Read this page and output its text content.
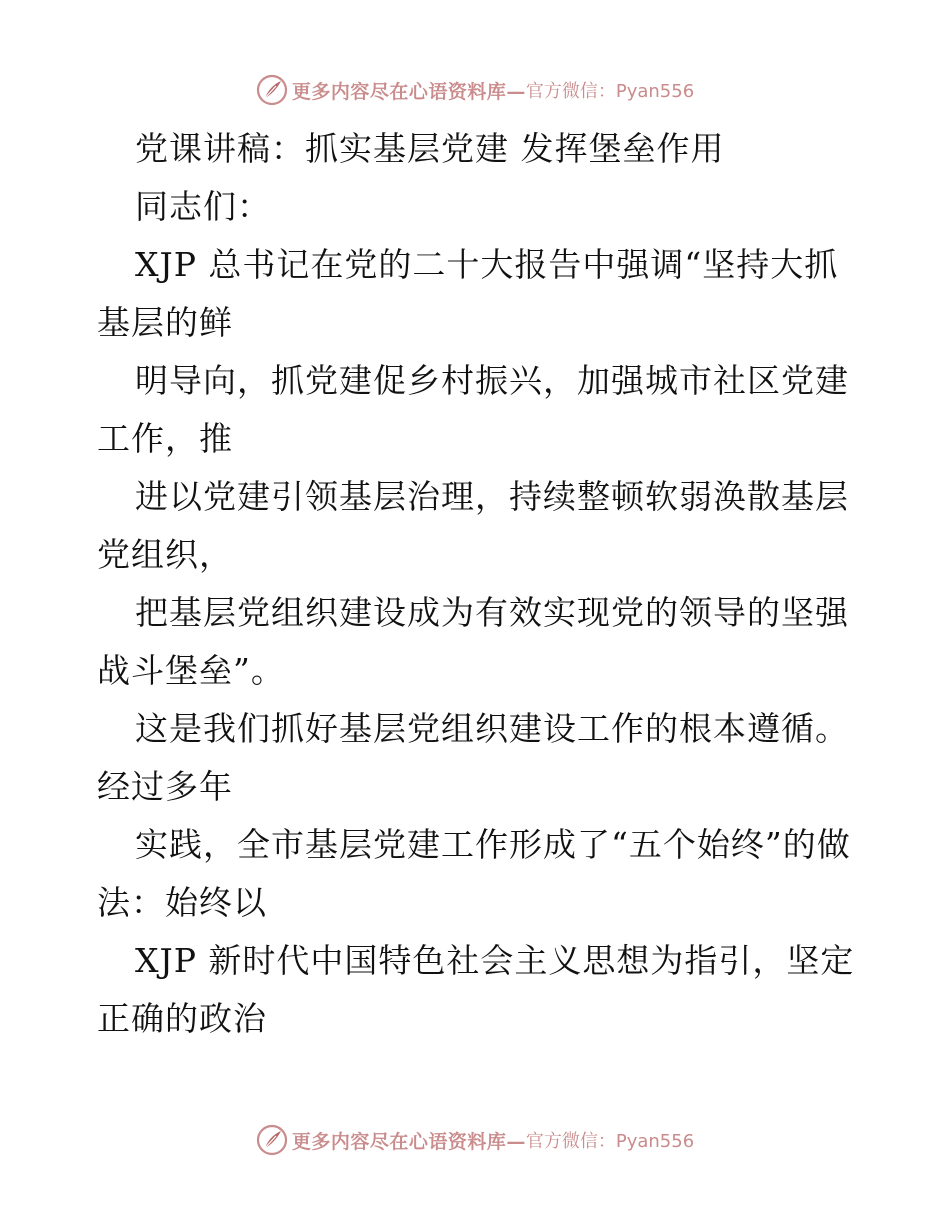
更多内容尽在心语资料库— 官方微信：Pyan556

党课讲稿：抓实基层党建 发挥堡垒作用

同志们：

XJP 总书记在党的二十大报告中强调“坚持大抓基层的鲜

明导向，抓党建促乡村振兴，加强城市社区党建工作，推

进以党建引领基层治理，持续整顿软弱涣散基层党组织，

把基层党组织建设成为有效实现党的领导的坚强战斗堡垒”。

这是我们抓好基层党组织建设工作的根本遵循。经过多年

实践，全市基层党建工作形成了“五个始终”的做法：始终以

XJP 新时代中国特色社会主义思想为指引，坚定正确的政治

更多内容尽在心语资料库— 官方微信：Pyan556
